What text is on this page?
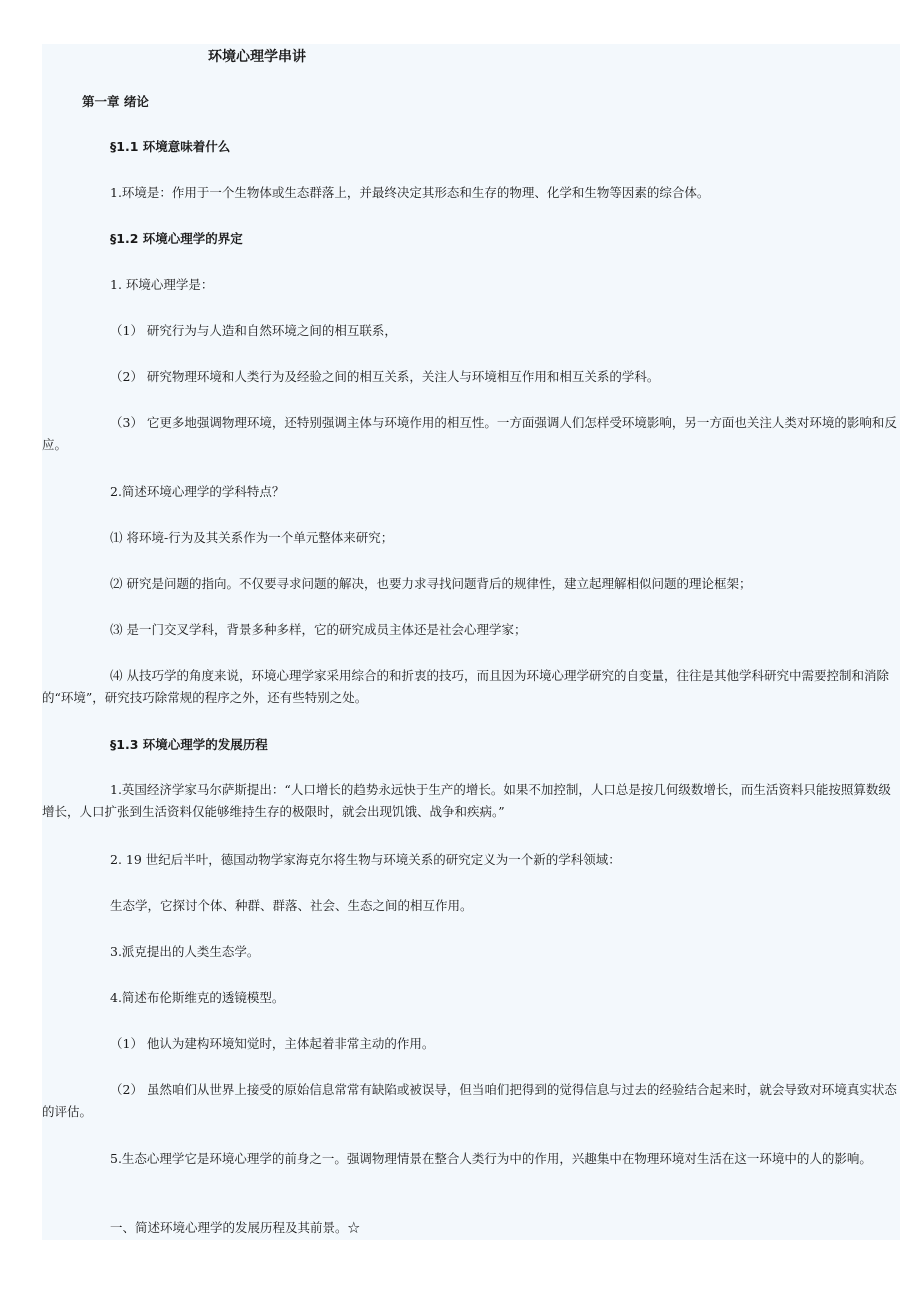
环境心理学串讲
第一章 绪论
§1.1 环境意味着什么
1.环境是：作用于一个生物体或生态群落上，并最终决定其形态和生存的物理、化学和生物等因素的综合体。
§1.2 环境心理学的界定
1. 环境心理学是：
（1） 研究行为与人造和自然环境之间的相互联系，
（2） 研究物理环境和人类行为及经验之间的相互关系，关注人与环境相互作用和相互关系的学科。
（3） 它更多地强调物理环境，还特别强调主体与环境作用的相互性。一方面强调人们怎样受环境影响，另一方面也关注人类对环境的影响和反应。
2.简述环境心理学的学科特点？
⑴ 将环境-行为及其关系作为一个单元整体来研究；
⑵ 研究是问题的指向。不仅要寻求问题的解决，也要力求寻找问题背后的规律性，建立起理解相似问题的理论框架；
⑶ 是一门交叉学科，背景多种多样，它的研究成员主体还是社会心理学家；
⑷ 从技巧学的角度来说，环境心理学家采用综合的和折衷的技巧，而且因为环境心理学研究的自变量，往往是其他学科研究中需要控制和消除的“环境”，研究技巧除常规的程序之外，还有些特别之处。
§1.3 环境心理学的发展历程
1.英国经济学家马尔萨斯提出：“人口增长的趋势永远快于生产的增长。如果不加控制，人口总是按几何级数增长，而生活资料只能按照算数级增长，人口扩张到生活资料仅能够维持生存的极限时，就会出现饥饿、战争和疾病。”
2. 19 世纪后半叶，德国动物学家海克尔将生物与环境关系的研究定义为一个新的学科领域：
生态学，它探讨个体、种群、群落、社会、生态之间的相互作用。
3.派克提出的人类生态学。
4.简述布伦斯维克的透镜模型。
（1） 他认为建构环境知觉时，主体起着非常主动的作用。
（2） 虽然咱们从世界上接受的原始信息常常有缺陷或被误导，但当咱们把得到的觉得信息与过去的经验结合起来时，就会导致对环境真实状态的评估。
5.生态心理学它是环境心理学的前身之一。强调物理情景在整合人类行为中的作用，兴趣集中在物理环境对生活在这一环境中的人的影响。
一、简述环境心理学的发展历程及其前景。☆
